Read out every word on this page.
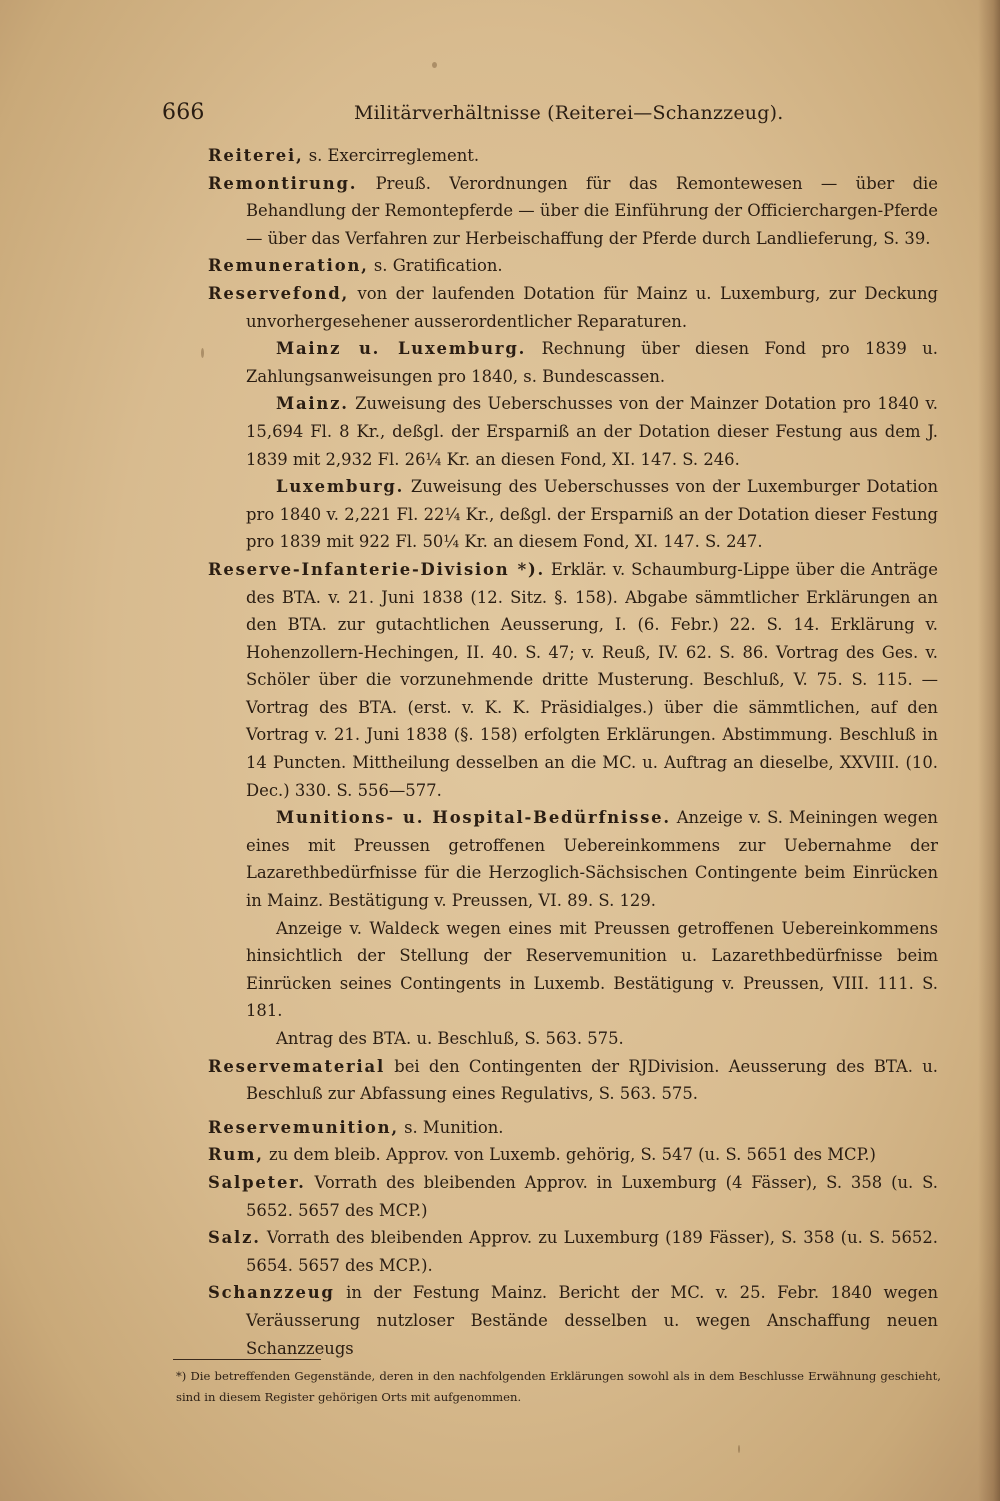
666	Militärverhältnisse (Reiterei—Schanzzeug).

Reiterei, s. Exercirreglement.

Remontirung. Preuß. Verordnungen für das Remontewesen — über die Behandlung der Remontepferde — über die Einführung der Officierchargen-Pferde — über das Verfahren zur Herbeischaffung der Pferde durch Landlieferung, S. 39.

Remuneration, s. Gratification.

Reservefond, von der laufenden Dotation für Mainz u. Luxemburg, zur Deckung unvorhergesehener ausserordentlicher Reparaturen.

Mainz u. Luxemburg. Rechnung über diesen Fond pro 1839 u. Zahlungsanweisungen pro 1840, s. Bundescassen.

Mainz. Zuweisung des Ueberschusses von der Mainzer Dotation pro 1840 v. 15,694 Fl. 8 Kr., deßgl. der Ersparniß an der Dotation dieser Festung aus dem J. 1839 mit 2,932 Fl. 26¼ Kr. an diesen Fond, XI. 147. S. 246.

Luxemburg. Zuweisung des Ueberschusses von der Luxemburger Dotation pro 1840 v. 2,221 Fl. 22¼ Kr., deßgl. der Ersparniß an der Dotation dieser Festung pro 1839 mit 922 Fl. 50¼ Kr. an diesem Fond, XI. 147. S. 247.

Reserve-Infanterie-Division *). Erklär. v. Schaumburg-Lippe über die Anträge des BTA. v. 21. Juni 1838 (12. Sitz. §. 158). Abgabe sämmtlicher Erklärungen an den BTA. zur gutachtlichen Aeusserung, I. (6. Febr.) 22. S. 14. Erklärung v. Hohenzollern-Hechingen, II. 40. S. 47; v. Reuß, IV. 62. S. 86. Vortrag des Ges. v. Schöler über die vorzunehmende dritte Musterung. Beschluß, V. 75. S. 115. — Vortrag des BTA. (erst. v. K. K. Präsidialges.) über die sämmtlichen, auf den Vortrag v. 21. Juni 1838 (§. 158) erfolgten Erklärungen. Abstimmung. Beschluß in 14 Puncten. Mittheilung desselben an die MC. u. Auftrag an dieselbe, XXVIII. (10. Dec.) 330. S. 556—577.

Munitions- u. Hospital-Bedürfnisse. Anzeige v. S. Meiningen wegen eines mit Preussen getroffenen Uebereinkommens zur Uebernahme der Lazarethbedürfnisse für die Herzoglich-Sächsischen Contingente beim Einrücken in Mainz. Bestätigung v. Preussen, VI. 89. S. 129.

Anzeige v. Waldeck wegen eines mit Preussen getroffenen Uebereinkommens hinsichtlich der Stellung der Reservemunition u. Lazarethbedürfnisse beim Einrücken seines Contingents in Luxemb. Bestätigung v. Preussen, VIII. 111. S. 181.

Antrag des BTA. u. Beschluß, S. 563. 575.

Reservematerial bei den Contingenten der RJDivision. Aeusserung des BTA. u. Beschluß zur Abfassung eines Regulativs, S. 563. 575.

Reservemunition, s. Munition.

Rum, zu dem bleib. Approv. von Luxemb. gehörig, S. 547 (u. S. 5651 des MCP.)

Salpeter. Vorrath des bleibenden Approv. in Luxemburg (4 Fässer), S. 358 (u. S. 5652. 5657 des MCP.)

Salz. Vorrath des bleibenden Approv. zu Luxemburg (189 Fässer), S. 358 (u. S. 5652. 5654. 5657 des MCP.).

Schanzzeug in der Festung Mainz. Bericht der MC. v. 25. Febr. 1840 wegen Veräusserung nutzloser Bestände desselben u. wegen Anschaffung neuen Schanzzeugs

*) Die betreffenden Gegenstände, deren in den nachfolgenden Erklärungen sowohl als in dem Beschlusse Erwähnung geschieht, sind in diesem Register gehörigen Orts mit aufgenommen.
